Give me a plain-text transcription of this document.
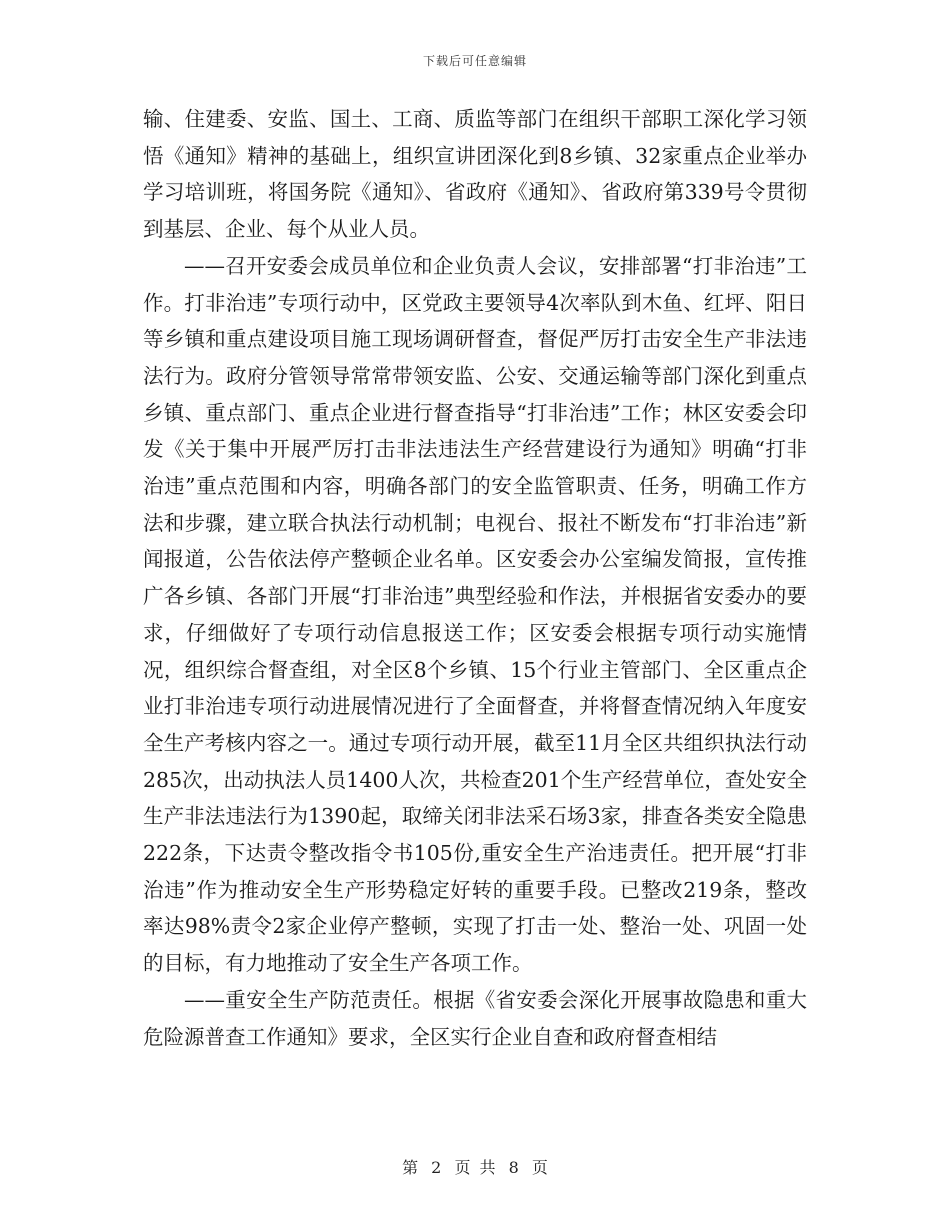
下载后可任意编辑

输、住建委、安监、国土、工商、质监等部门在组织干部职工深化学习领悟《通知》精神的基础上，组织宣讲团深化到8乡镇、32家重点企业举办学习培训班，将国务院《通知》、省政府《通知》、省政府第339号令贯彻到基层、企业、每个从业人员。

——召开安委会成员单位和企业负责人会议，安排部署“打非治违”工作。打非治违”专项行动中，区党政主要领导4次率队到木鱼、红坪、阳日等乡镇和重点建设项目施工现场调研督查，督促严厉打击安全生产非法违法行为。政府分管领导常常带领安监、公安、交通运输等部门深化到重点乡镇、重点部门、重点企业进行督查指导“打非治违”工作；林区安委会印发《关于集中开展严厉打击非法违法生产经营建设行为通知》明确“打非治违”重点范围和内容，明确各部门的安全监管职责、任务，明确工作方法和步骤，建立联合执法行动机制；电视台、报社不断发布“打非治违”新闻报道，公告依法停产整顿企业名单。区安委会办公室编发简报，宣传推广各乡镇、各部门开展“打非治违”典型经验和作法，并根据省安委办的要求，仔细做好了专项行动信息报送工作；区安委会根据专项行动实施情况，组织综合督查组，对全区8个乡镇、15个行业主管部门、全区重点企业打非治违专项行动进展情况进行了全面督查，并将督查情况纳入年度安全生产考核内容之一。通过专项行动开展，截至11月全区共组织执法行动285次，出动执法人员1400人次，共检查201个生产经营单位，查处安全生产非法违法行为1390起，取缔关闭非法采石场3家，排查各类安全隐患222条，下达责令整改指令书105份,重安全生产治违责任。把开展“打非治违”作为推动安全生产形势稳定好转的重要手段。已整改219条，整改率达98%责令2家企业停产整顿，实现了打击一处、整治一处、巩固一处的目标，有力地推动了安全生产各项工作。

——重安全生产防范责任。根据《省安委会深化开展事故隐患和重大危险源普查工作通知》要求，全区实行企业自查和政府督查相结

第 2 页 共 8 页
